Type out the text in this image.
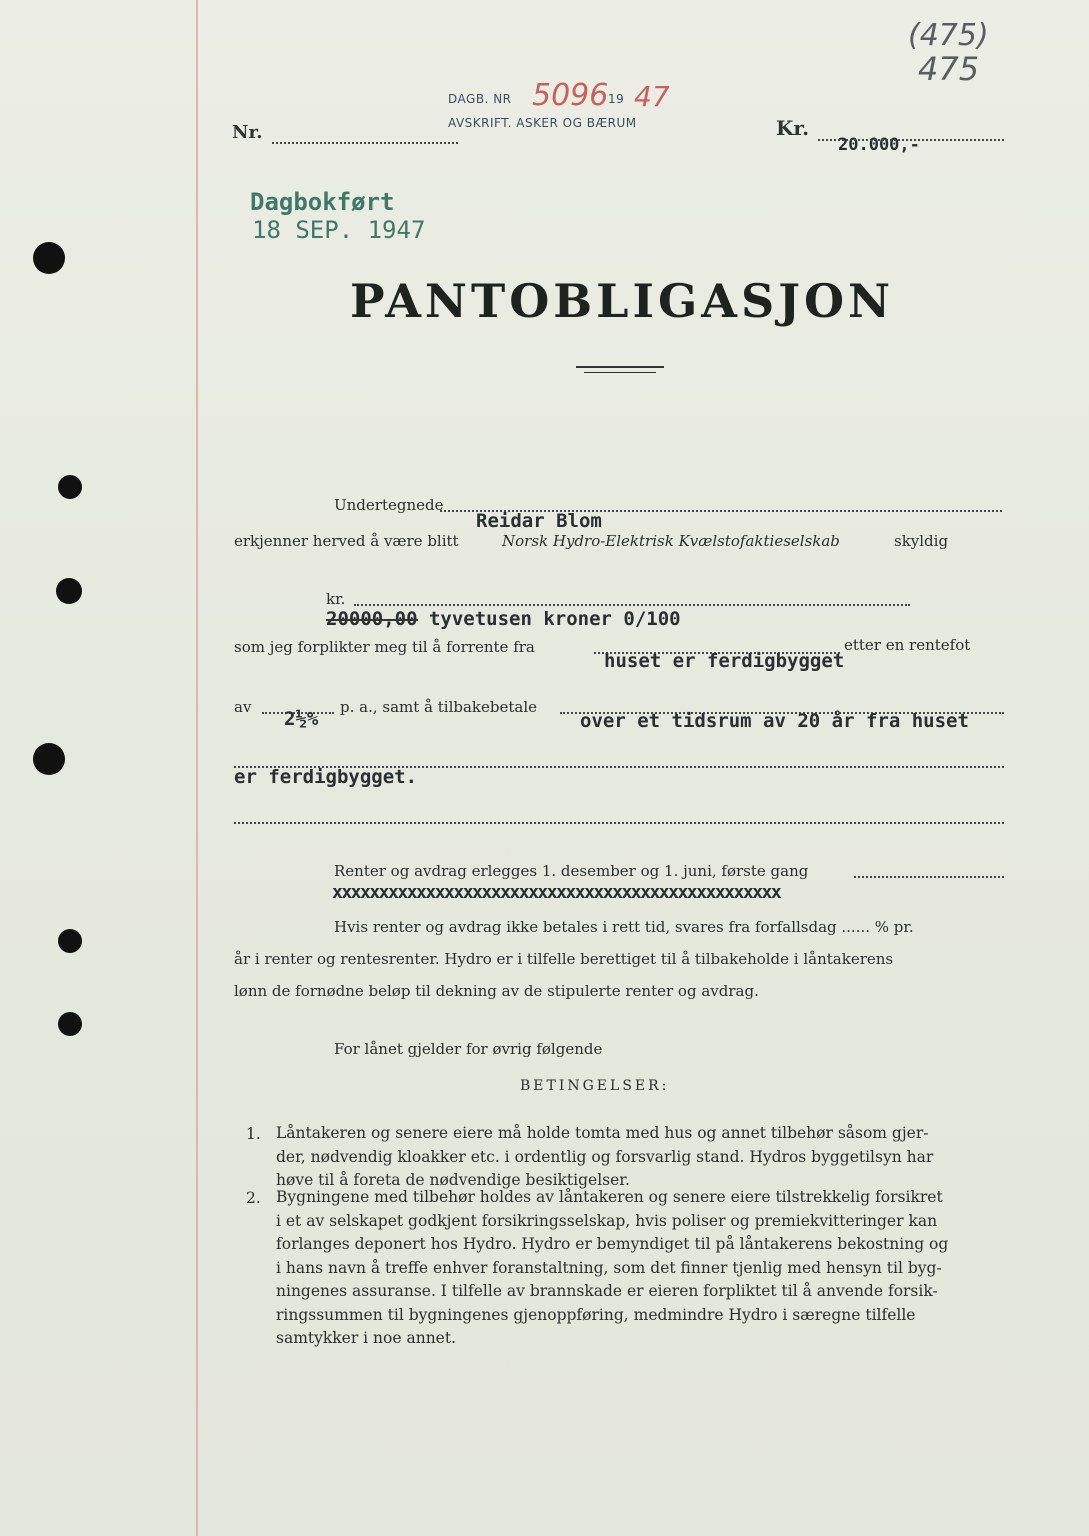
(475)
475
DAGB. NR 5096 19 47
AVSKRIFT. ASKER OG BÆRUM
Nr.	Kr.
20.000,-
Dagbokført
18 SEP. 1947
PANTOBLIGASJON
Undertegnede
Reidar Blom
erkjenner herved å være blitt	Norsk Hydro-Elektrisk Kvælstofaktieselskab	skyldig
kr.
20000,00 tyvetusen kroner 0/100
som jeg forplikter meg til å forrente fra	etter en rentefot
huset er ferdigbygget
av
2½%
p. a., samt å tilbakebetale
over et tidsrum av 20 år fra huset
er ferdigbygget.
Renter og avdrag erlegges 1. desember og 1. juni, første gang
xxxxxxxxxxxxxxxxxxxxxxxxxxxxxxxxxxxxxxxxxxxxxxxx
Hvis renter og avdrag ikke betales i rett tid, svares fra forfallsdag ...... % pr.
år i renter og rentesrenter. Hydro er i tilfelle berettiget til å tilbakeholde i låntakerens
lønn de fornødne beløp til dekning av de stipulerte renter og avdrag.
For lånet gjelder for øvrig følgende
BETINGELSER:
1. Låntakeren og senere eiere må holde tomta med hus og annet tilbehør såsom gjer-
der, nødvendig kloakker etc. i ordentlig og forsvarlig stand. Hydros byggetilsyn har
høve til å foreta de nødvendige besiktigelser.
2. Bygningene med tilbehør holdes av låntakeren og senere eiere tilstrekkelig forsikret
i et av selskapet godkjent forsikringsselskap, hvis poliser og premiekvitteringer kan
forlanges deponert hos Hydro. Hydro er bemyndiget til på låntakerens bekostning og
i hans navn å treffe enhver foranstaltning, som det finner tjenlig med hensyn til byg-
ningenes assuranse. I tilfelle av brannskade er eieren forpliktet til å anvende forsik-
ringssummen til bygningenes gjenoppføring, medmindre Hydro i særegne tilfelle
samtykker i noe annet.
